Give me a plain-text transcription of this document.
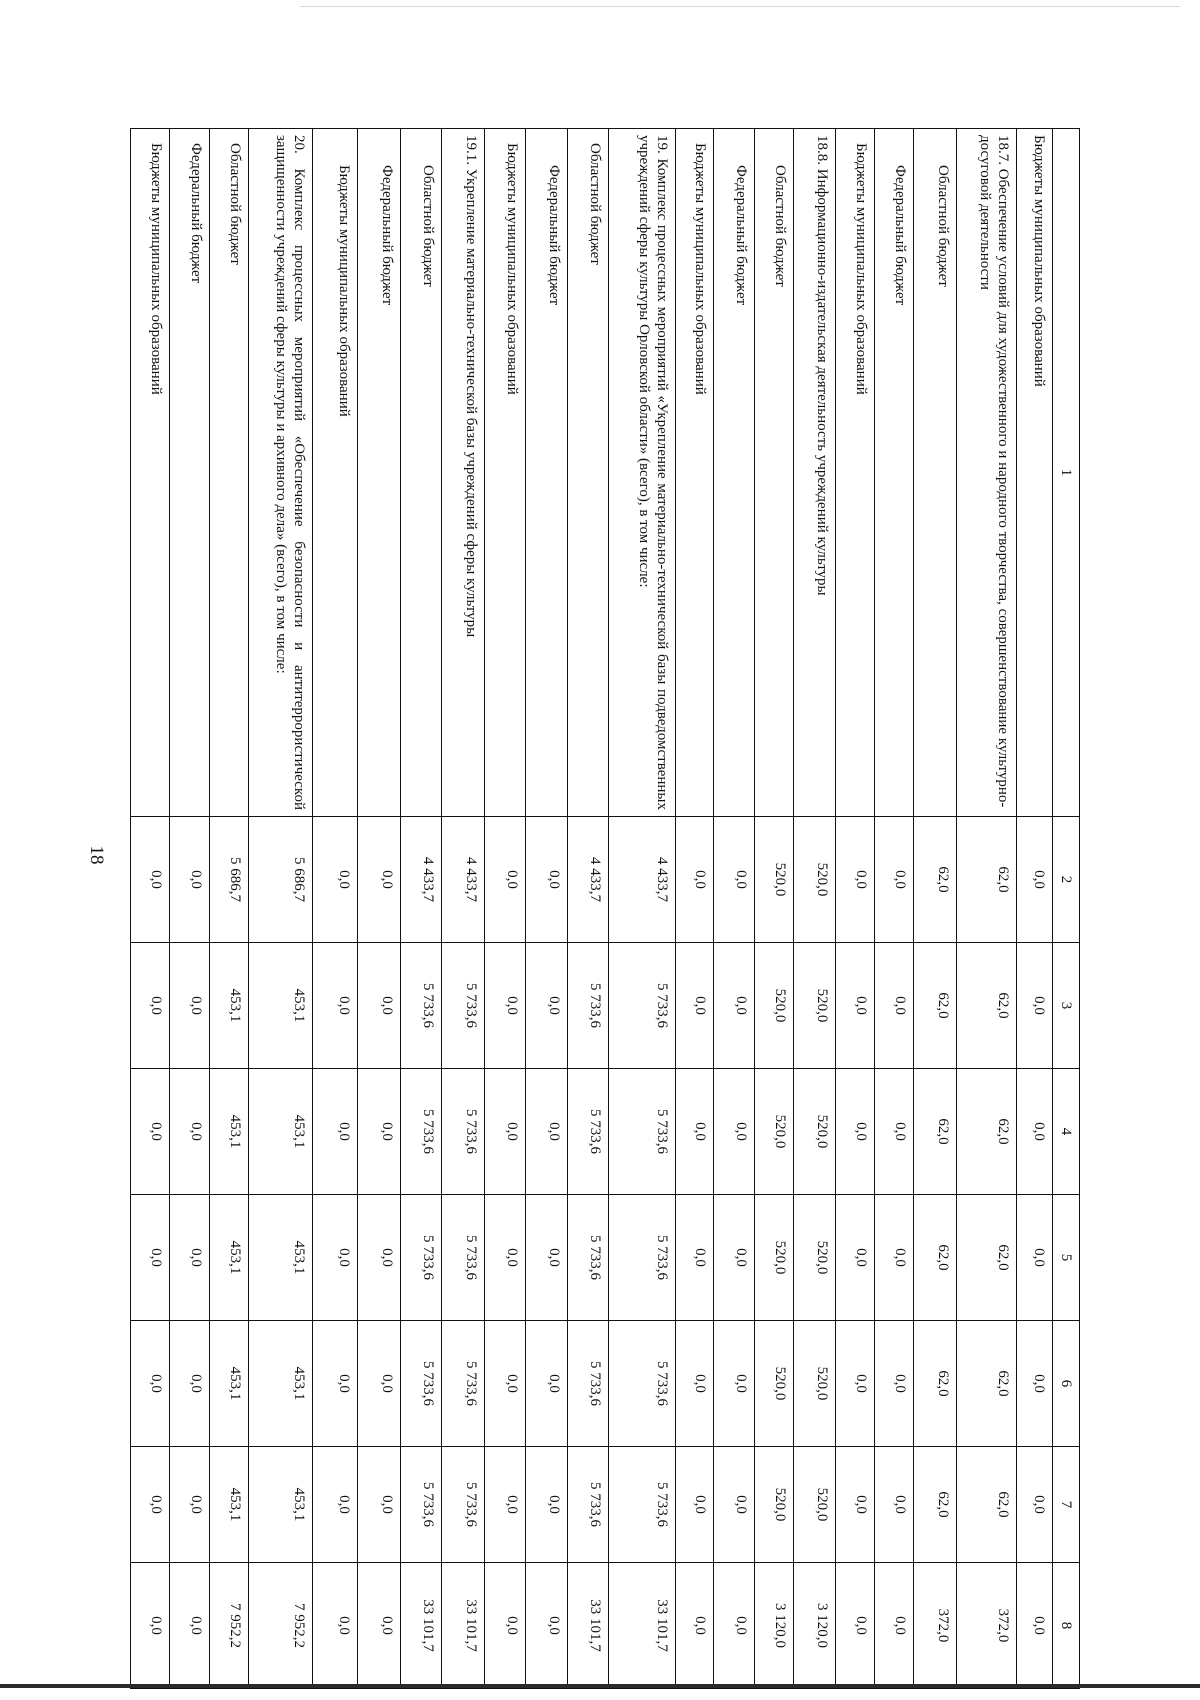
18
1	2	3	4	5	6	7	8
Бюджеты муниципальных образований	0,0	0,0	0,0	0,0	0,0	0,0	0,0
18.7. Обеспечение условий для художественного и народного творчества, совершенствование культурно-досуговой деятельности	62,0	62,0	62,0	62,0	62,0	62,0	372,0
Областной бюджет	62,0	62,0	62,0	62,0	62,0	62,0	372,0
Федеральный бюджет	0,0	0,0	0,0	0,0	0,0	0,0	0,0
Бюджеты муниципальных образований	0,0	0,0	0,0	0,0	0,0	0,0	0,0
18.8. Информационно-издательская деятельность учреждений культуры	520,0	520,0	520,0	520,0	520,0	520,0	3 120,0
Областной бюджет	520,0	520,0	520,0	520,0	520,0	520,0	3 120,0
Федеральный бюджет	0,0	0,0	0,0	0,0	0,0	0,0	0,0
Бюджеты муниципальных образований	0,0	0,0	0,0	0,0	0,0	0,0	0,0
19. Комплекс процессных мероприятий «Укрепление материально-технической базы подведомственных учреждений сферы культуры Орловской области» (всего), в том числе:	4 433,7	5 733,6	5 733,6	5 733,6	5 733,6	5 733,6	33 101,7
Областной бюджет	4 433,7	5 733,6	5 733,6	5 733,6	5 733,6	5 733,6	33 101,7
Федеральный бюджет	0,0	0,0	0,0	0,0	0,0	0,0	0,0
Бюджеты муниципальных образований	0,0	0,0	0,0	0,0	0,0	0,0	0,0
19.1. Укрепление материально-технической базы учреждений сферы культуры	4 433,7	5 733,6	5 733,6	5 733,6	5 733,6	5 733,6	33 101,7
Областной бюджет	4 433,7	5 733,6	5 733,6	5 733,6	5 733,6	5 733,6	33 101,7
Федеральный бюджет	0,0	0,0	0,0	0,0	0,0	0,0	0,0
Бюджеты муниципальных образований	0,0	0,0	0,0	0,0	0,0	0,0	0,0
20. Комплекс процессных мероприятий «Обеспечение безопасности и антитеррористической защищенности учреждений сферы культуры и архивного дела» (всего), в том числе:	5 686,7	453,1	453,1	453,1	453,1	453,1	7 952,2
Областной бюджет	5 686,7	453,1	453,1	453,1	453,1	453,1	7 952,2
Федеральный бюджет	0,0	0,0	0,0	0,0	0,0	0,0	0,0
Бюджеты муниципальных образований	0,0	0,0	0,0	0,0	0,0	0,0	0,0
